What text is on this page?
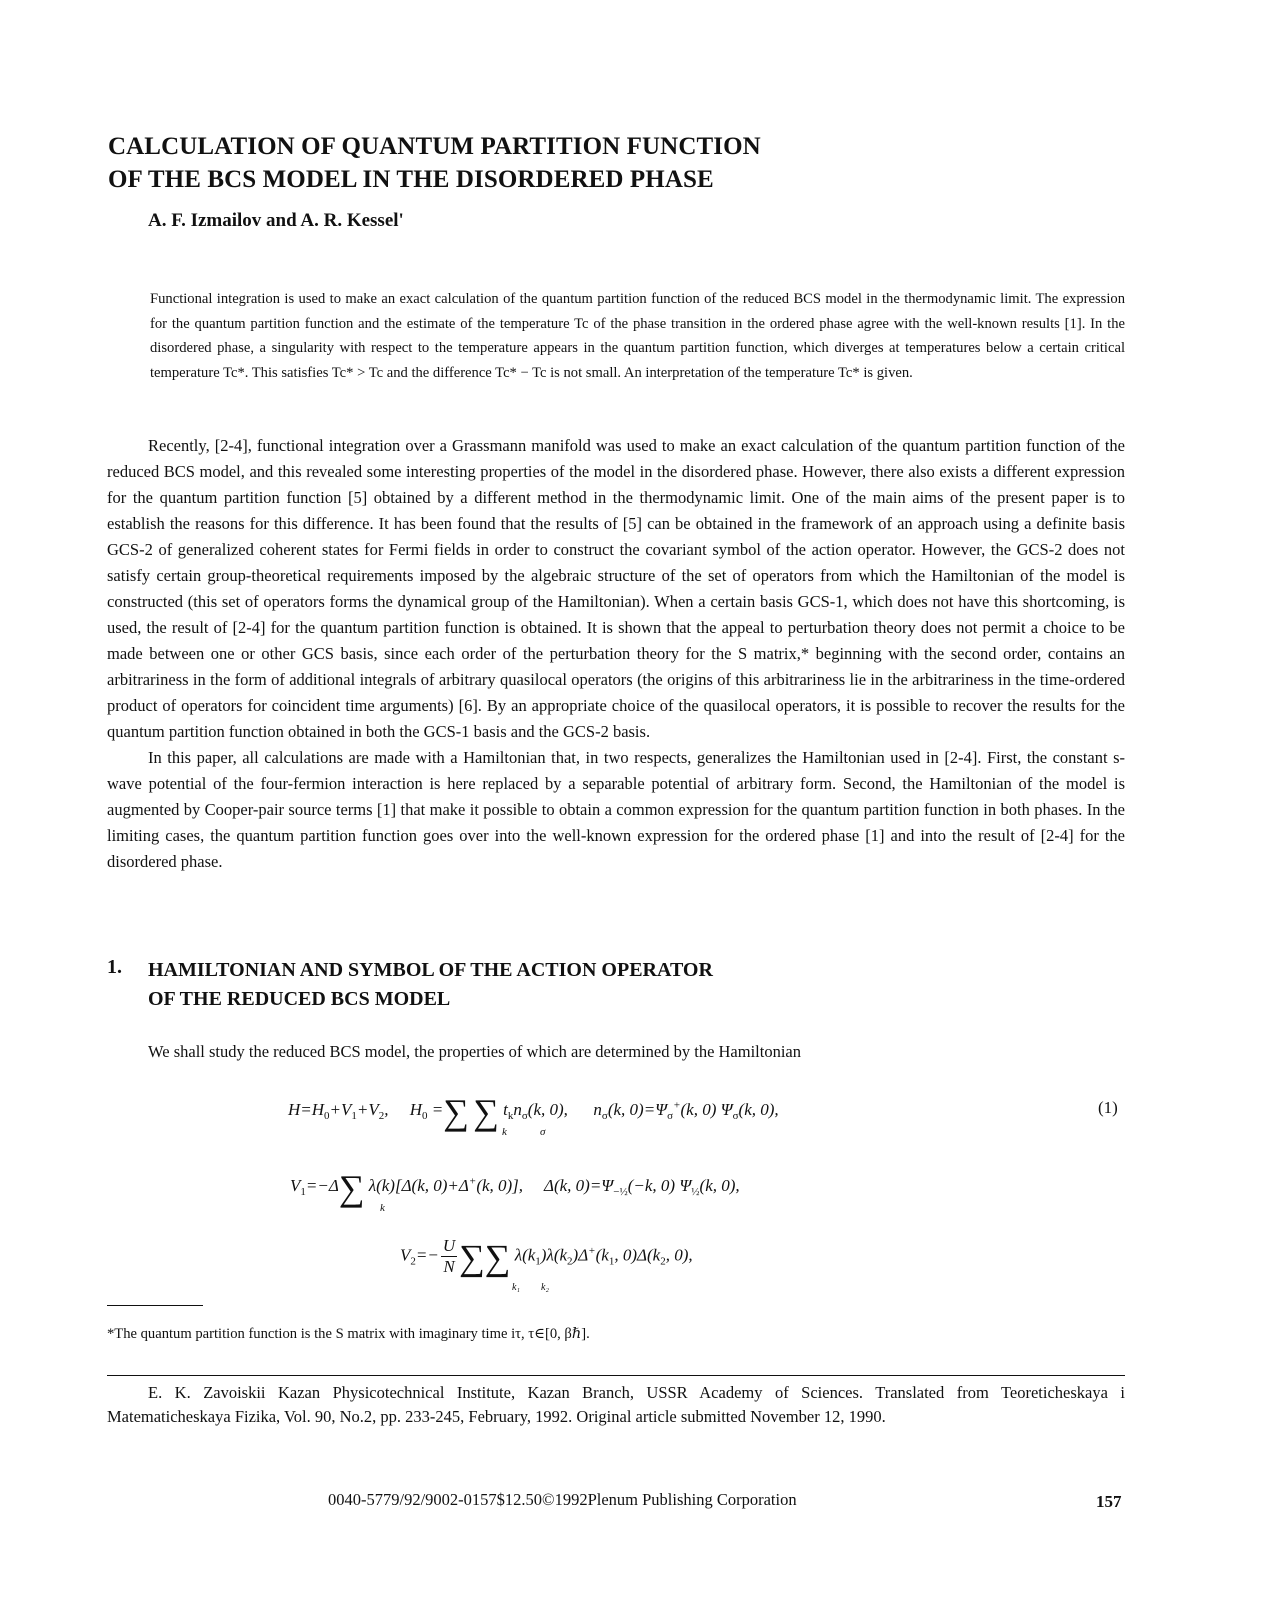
CALCULATION OF QUANTUM PARTITION FUNCTION
OF THE BCS MODEL IN THE DISORDERED PHASE
A. F. Izmailov and A. R. Kessel'
Functional integration is used to make an exact calculation of the quantum partition function of the reduced BCS model in the thermodynamic limit. The expression for the quantum partition function and the estimate of the temperature Tc of the phase transition in the ordered phase agree with the well-known results [1]. In the disordered phase, a singularity with respect to the temperature appears in the quantum partition function, which diverges at temperatures below a certain critical temperature Tc*. This satisfies Tc* > Tc and the difference Tc* − Tc is not small. An interpretation of the temperature Tc* is given.

Recently, [2-4], functional integration over a Grassmann manifold was used to make an exact calculation of the quantum partition function of the reduced BCS model, and this revealed some interesting properties of the model in the disordered phase. However, there also exists a different expression for the quantum partition function [5] obtained by a different method in the thermodynamic limit. One of the main aims of the present paper is to establish the reasons for this difference. It has been found that the results of [5] can be obtained in the framework of an approach using a definite basis GCS-2 of generalized coherent states for Fermi fields in order to construct the covariant symbol of the action operator. However, the GCS-2 does not satisfy certain group-theoretical requirements imposed by the algebraic structure of the set of operators from which the Hamiltonian of the model is constructed (this set of operators forms the dynamical group of the Hamiltonian). When a certain basis GCS-1, which does not have this shortcoming, is used, the result of [2-4] for the quantum partition function is obtained. It is shown that the appeal to perturbation theory does not permit a choice to be made between one or other GCS basis, since each order of the perturbation theory for the S matrix,* beginning with the second order, contains an arbitrariness in the form of additional integrals of arbitrary quasilocal operators (the origins of this arbitrariness lie in the arbitrariness in the time-ordered product of operators for coincident time arguments) [6]. By an appropriate choice of the quasilocal operators, it is possible to recover the results for the quantum partition function obtained in both the GCS-1 basis and the GCS-2 basis.

In this paper, all calculations are made with a Hamiltonian that, in two respects, generalizes the Hamiltonian used in [2-4]. First, the constant s-wave potential of the four-fermion interaction is here replaced by a separable potential of arbitrary form. Second, the Hamiltonian of the model is augmented by Cooper-pair source terms [1] that make it possible to obtain a common expression for the quantum partition function in both phases. In the limiting cases, the quantum partition function goes over into the well-known expression for the ordered phase [1] and into the result of [2-4] for the disordered phase.

1. HAMILTONIAN AND SYMBOL OF THE ACTION OPERATOR
OF THE REDUCED BCS MODEL
We shall study the reduced BCS model, the properties of which are determined by the Hamiltonian
$H=H_0+V_1+V_2$,     $H_0$ =∑ ∑ $t_kn_\sigma(k$, 0),      $n_\sigma(k$, $0)=\Psi_\sigma^+(k$, 0) $\Psi_\sigma(k$, 0),
k	σ
(1)
$V_1=-\Delta\sum$ λ(k)[Δ(k, 0)+Δ+(k, 0)],     Δ(k, $0)=\Psi_{-\frac{1}{2}}(-k$, 0) $\Psi_{\frac{1}{2}}(k$, 0),
k
$V_2=- \frac{U}{N}$ ∑∑ $\lambda(k_1)\lambda(k_2)\Delta^+(k_1$, $0)\Delta(k_2$, 0),
k₁ k₂
*The quantum partition function is the S matrix with imaginary time iτ, τ∈[0, βℏ].
E. K. Zavoiskii Kazan Physicotechnical Institute, Kazan Branch, USSR Academy of Sciences. Translated from Teoreticheskaya i Matematicheskaya Fizika, Vol. 90, No.2, pp. 233-245, February, 1992. Original article submitted November 12, 1990.
0040-5779/92/9002-0157$12.50©1992Plenum Publishing Corporation	157
